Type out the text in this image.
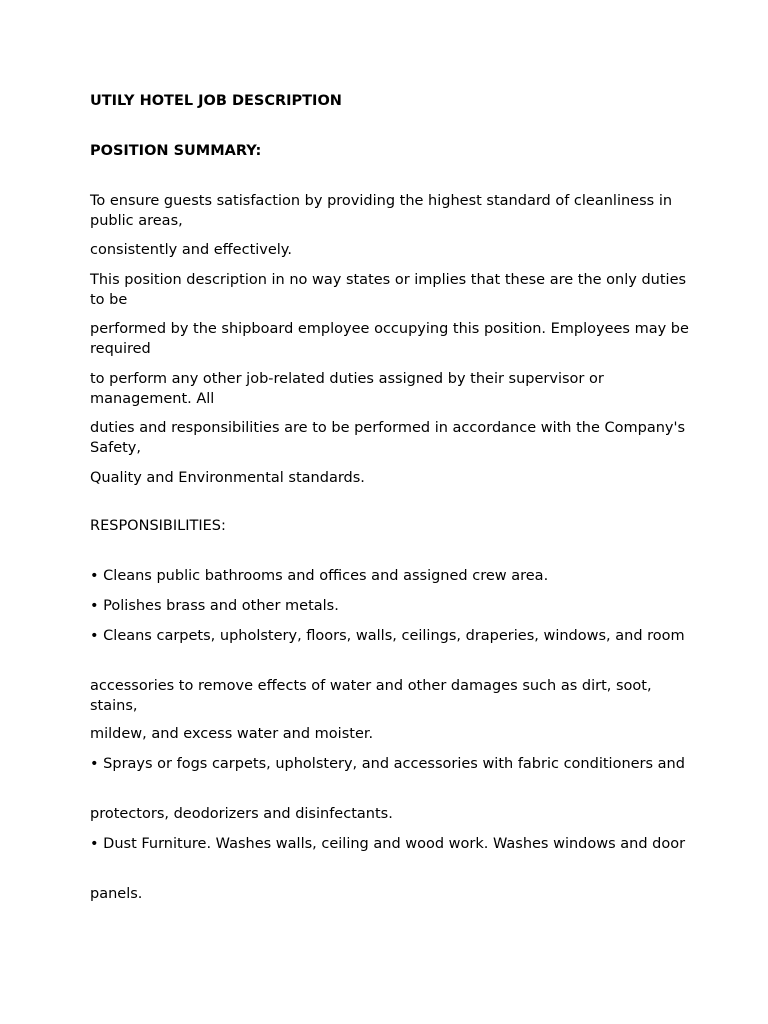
UTILY HOTEL JOB DESCRIPTION
POSITION SUMMARY:
To ensure guests satisfaction by providing the highest standard of cleanliness in public areas,
consistently and effectively.
This position description in no way states or implies that these are the only duties to be
performed by the shipboard employee occupying this position. Employees may be required
to perform any other job-related duties assigned by their supervisor or management. All
duties and responsibilities are to be performed in accordance with the Company's Safety,
Quality and Environmental standards.
RESPONSIBILITIES:
• Cleans public bathrooms and offices and assigned crew area.
• Polishes brass and other metals.
• Cleans carpets, upholstery, floors, walls, ceilings, draperies, windows, and room
accessories to remove effects of water and other damages such as dirt, soot, stains,
mildew, and excess water and moister.
• Sprays or fogs carpets, upholstery, and accessories with fabric conditioners and
protectors, deodorizers and disinfectants.
• Dust Furniture. Washes walls, ceiling and wood work. Washes windows and door
panels.
